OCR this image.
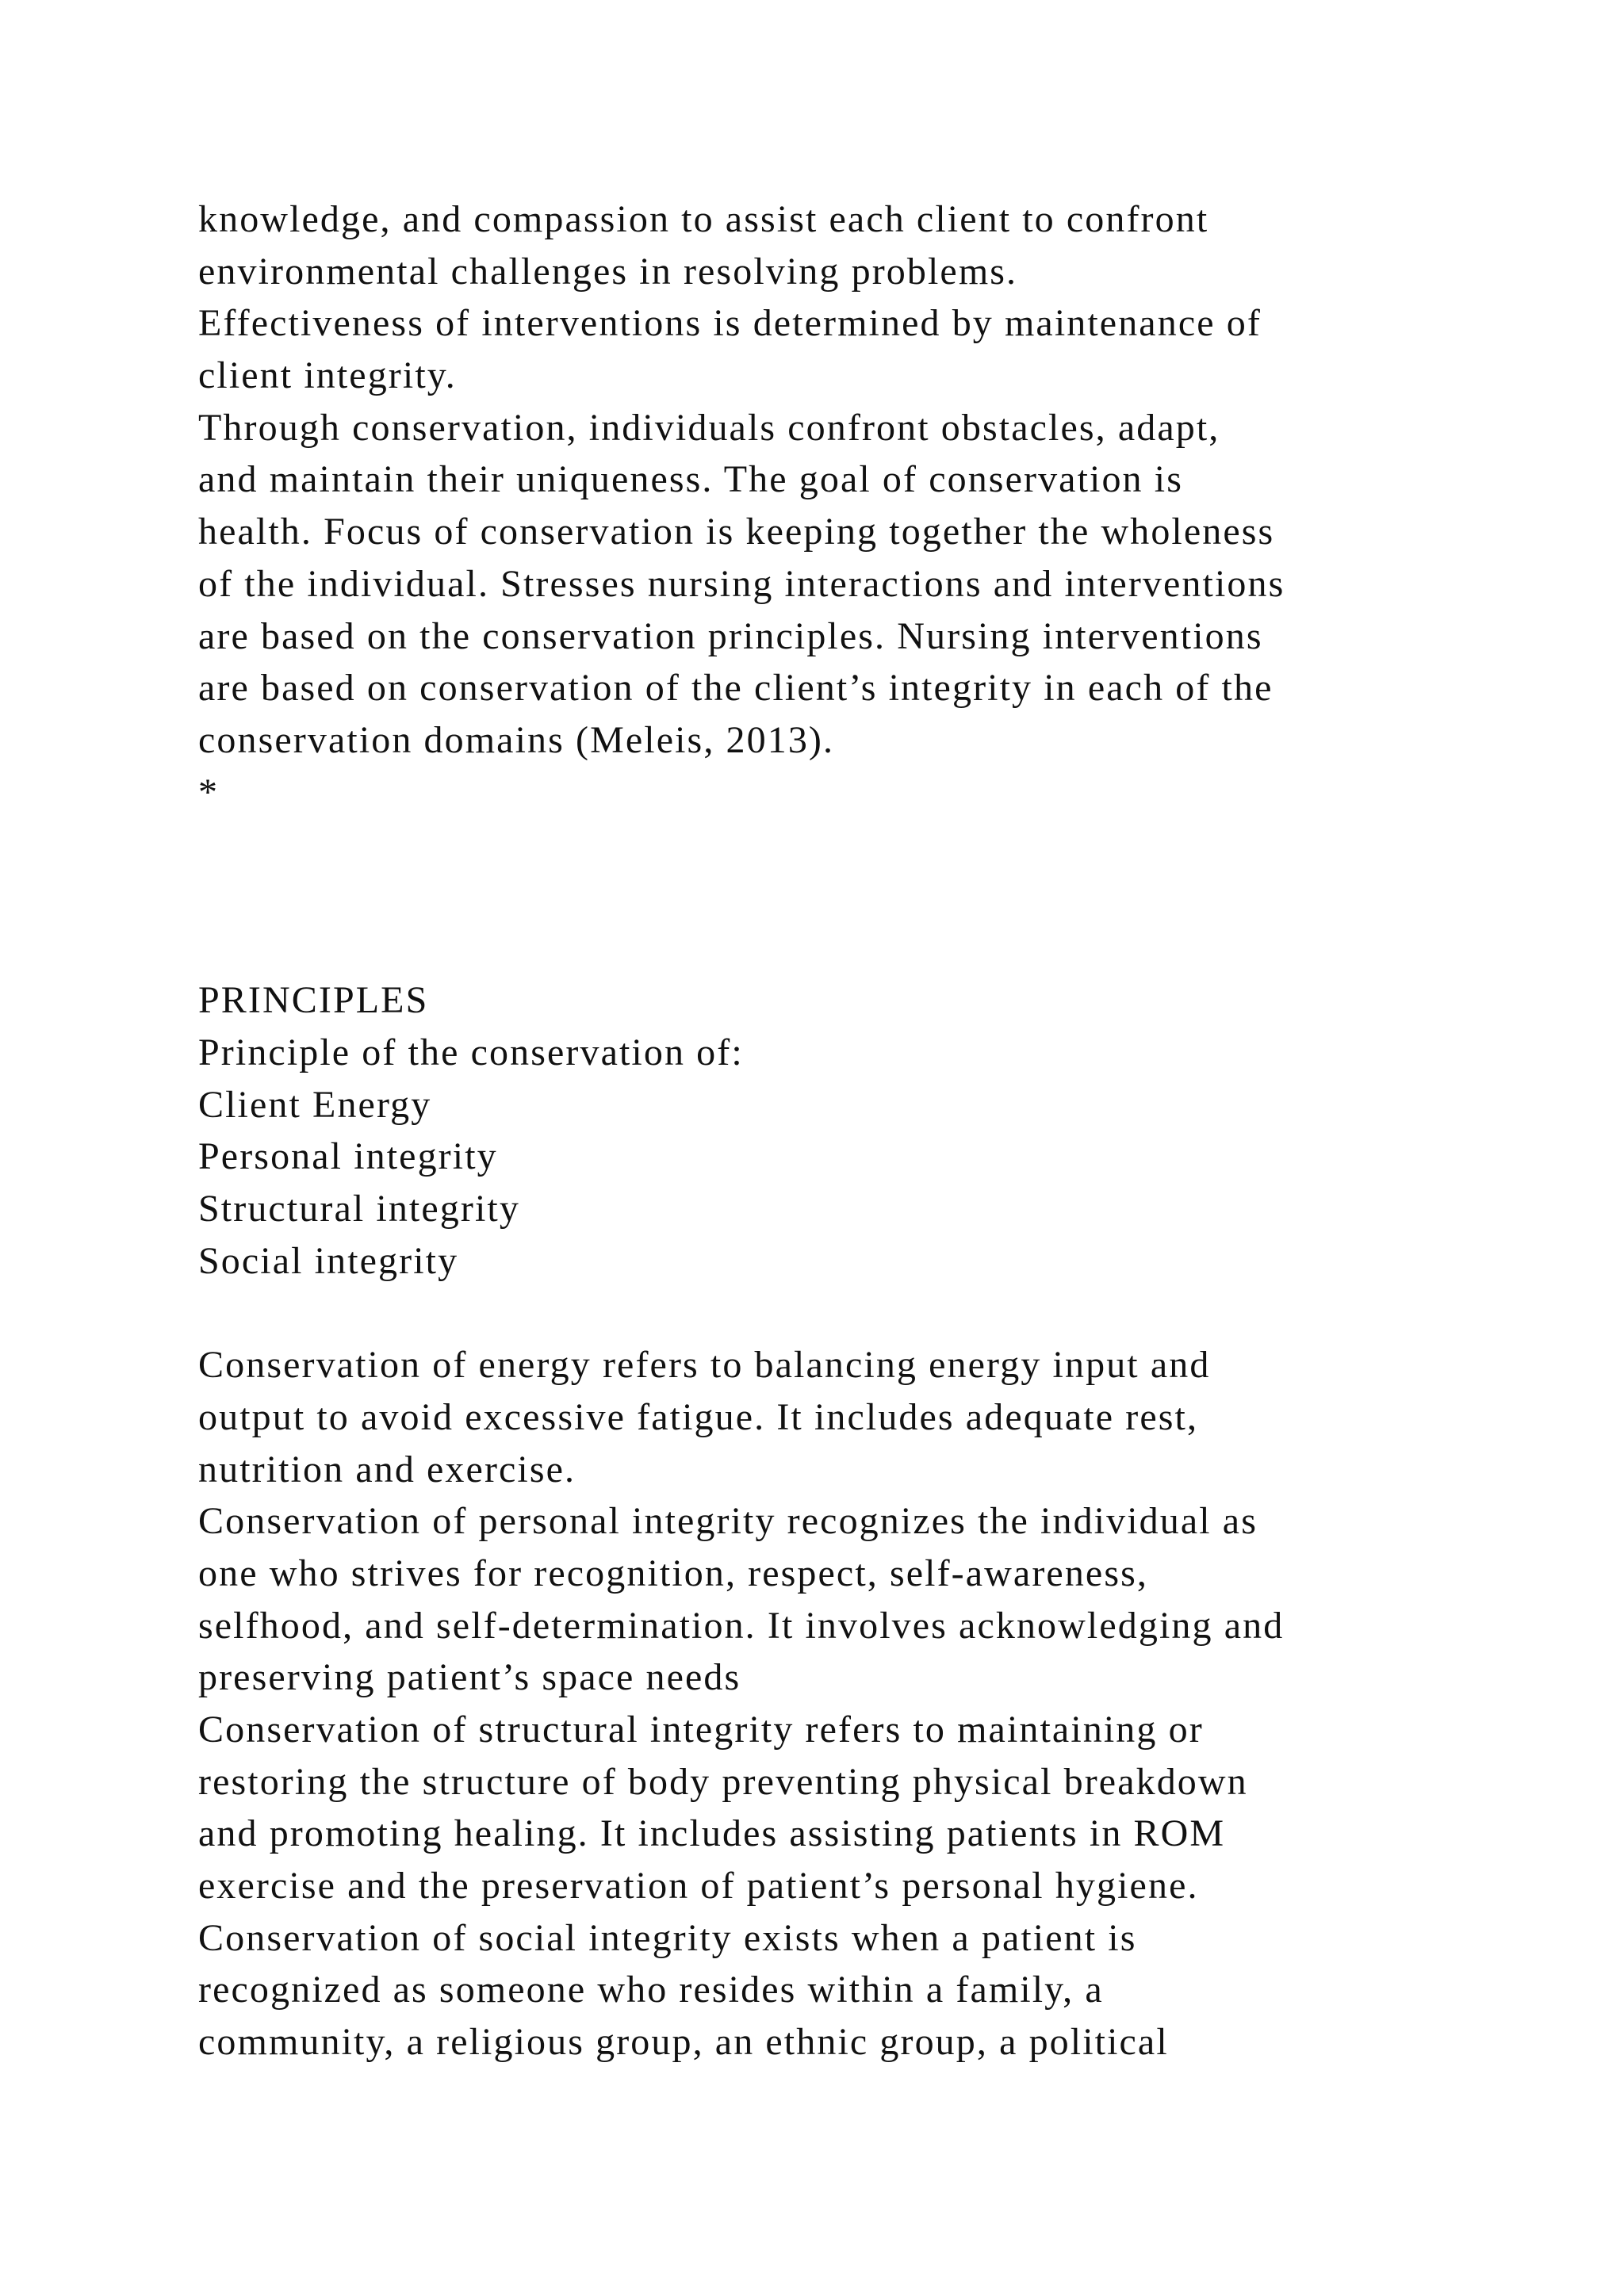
knowledge, and compassion to assist each client to confront
environmental challenges in resolving problems.
Effectiveness of interventions is determined by maintenance of
client integrity.
Through conservation, individuals confront obstacles, adapt,
and maintain their uniqueness. The goal of conservation is
health. Focus of conservation is keeping together the wholeness
of the individual. Stresses nursing interactions and interventions
are based on the conservation principles. Nursing interventions
are based on conservation of the client’s integrity in each of the
conservation domains (Meleis, 2013).
*
PRINCIPLES
Principle of the conservation of:
Client Energy
Personal integrity
Structural integrity
Social integrity
Conservation of energy refers to balancing energy input and
output to avoid excessive fatigue. It includes adequate rest,
nutrition and exercise.
Conservation of personal integrity recognizes the individual as
one who strives for recognition, respect, self-awareness,
selfhood, and self-determination. It involves acknowledging and
preserving patient’s space needs
Conservation of structural integrity refers to maintaining or
restoring the structure of body preventing physical breakdown
and promoting healing. It includes assisting patients in ROM
exercise and the preservation of patient’s personal hygiene.
Conservation of social integrity exists when a patient is
recognized as someone who resides within a family, a
community, a religious group, an ethnic group, a political
